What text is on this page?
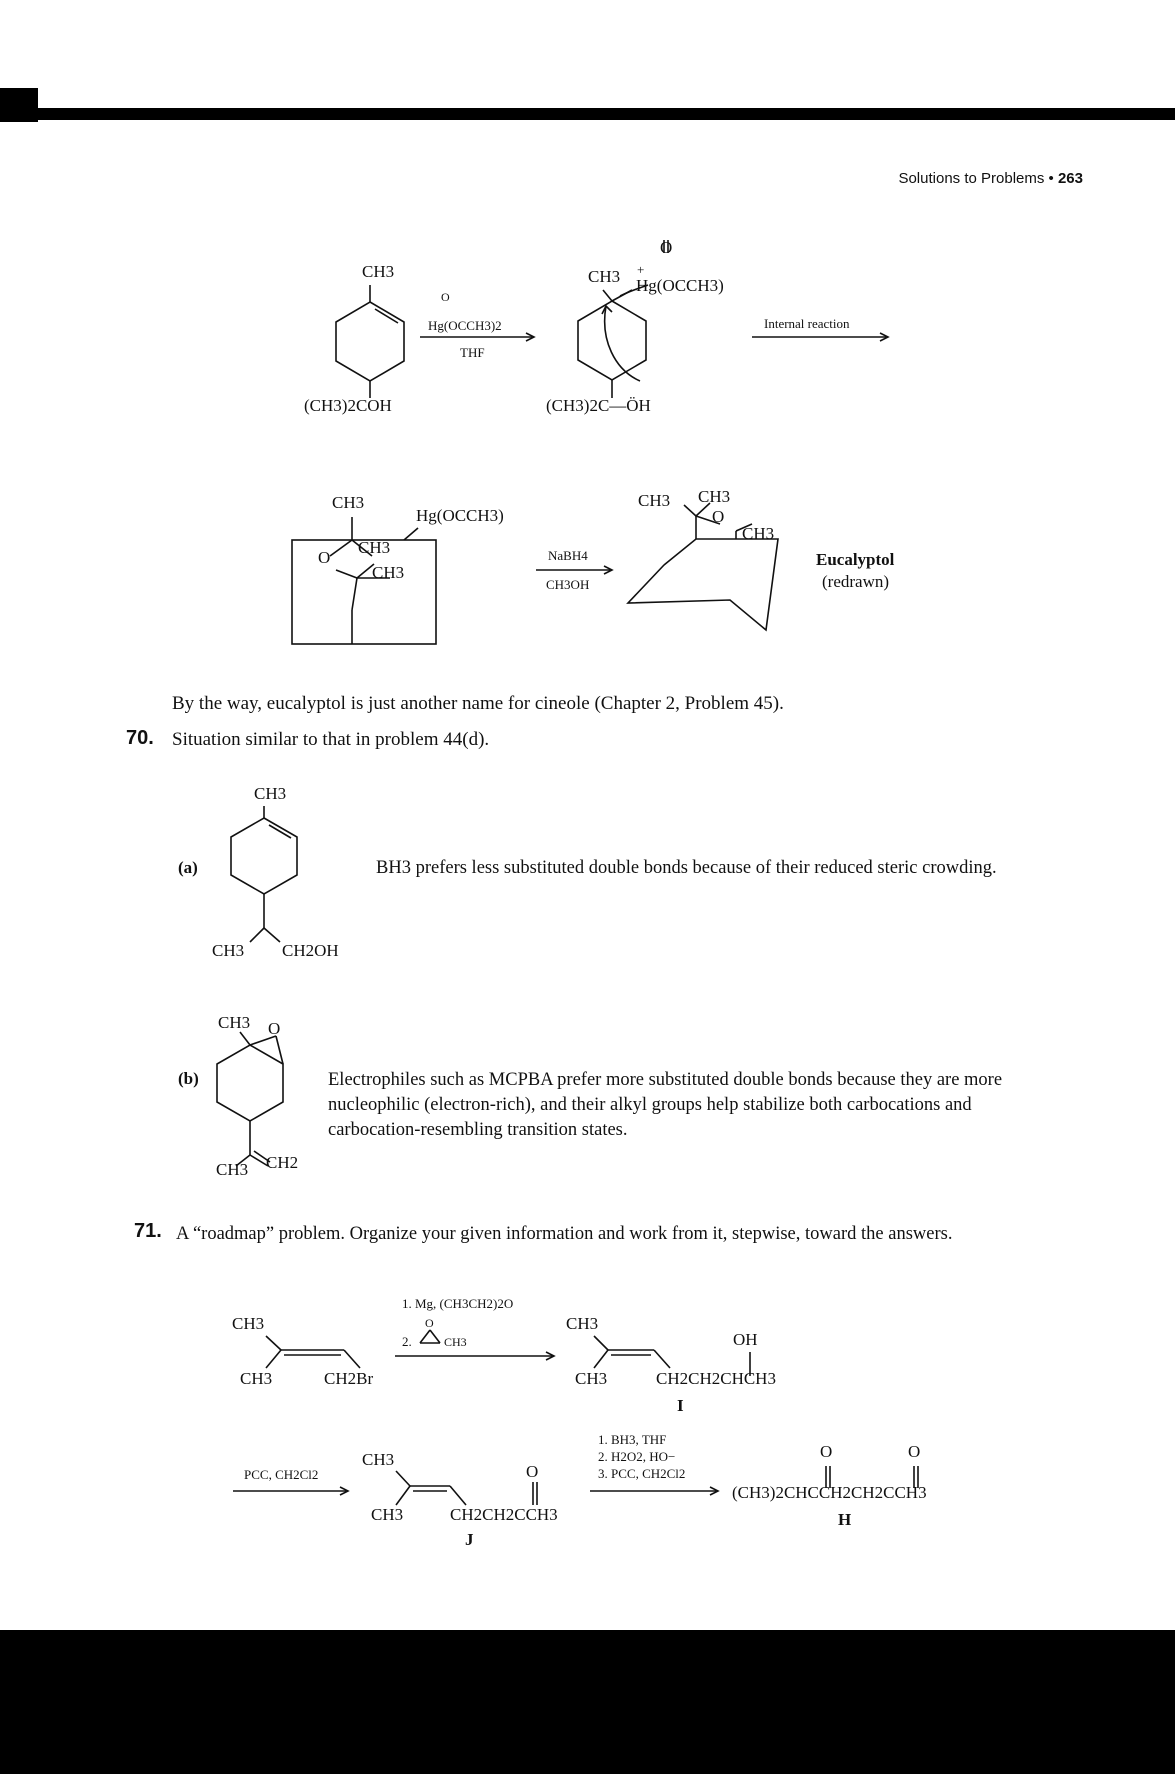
Solutions to Problems • 263
CH3
(CH3)2COH
O
Hg(OCCH3)2
THF
O
CH3 +
Hg(OCCH3)
(CH3)2C—ÖH
Internal reaction
CH3
Hg(OCCH3)
O
CH3
CH3
NaBH4
CH3OH
CH3 CH3
O
CH3
Eucalyptol
(redrawn)
By the way, eucalyptol is just another name for cineole (Chapter 2, Problem 45).
70. Situation similar to that in problem 44(d).
(a)
CH3
CH3 CH2OH
BH3 prefers less substituted double bonds because of their reduced steric crowding.
(b)
CH3 O
CH3 CH2
Electrophiles such as MCPBA prefer more substituted double bonds because they are more nucleophilic (electron-rich), and their alkyl groups help stabilize both carbocations and carbocation-resembling transition states.
71. A “roadmap” problem. Organize your given information and work from it, stepwise, toward the answers.
CH3
CH3	CH2Br
1. Mg, (CH3CH2)2O
2.
O
CH3
CH3
CH3
OH
CH2CH2CHCH3
I
PCC, CH2Cl2
CH3
CH3
O
CH2CH2CCH3
J
1. BH3, THF
2. H2O2, HO−
3. PCC, CH2Cl2
O	O
(CH3)2CHCCH2CH2CCH3
H
